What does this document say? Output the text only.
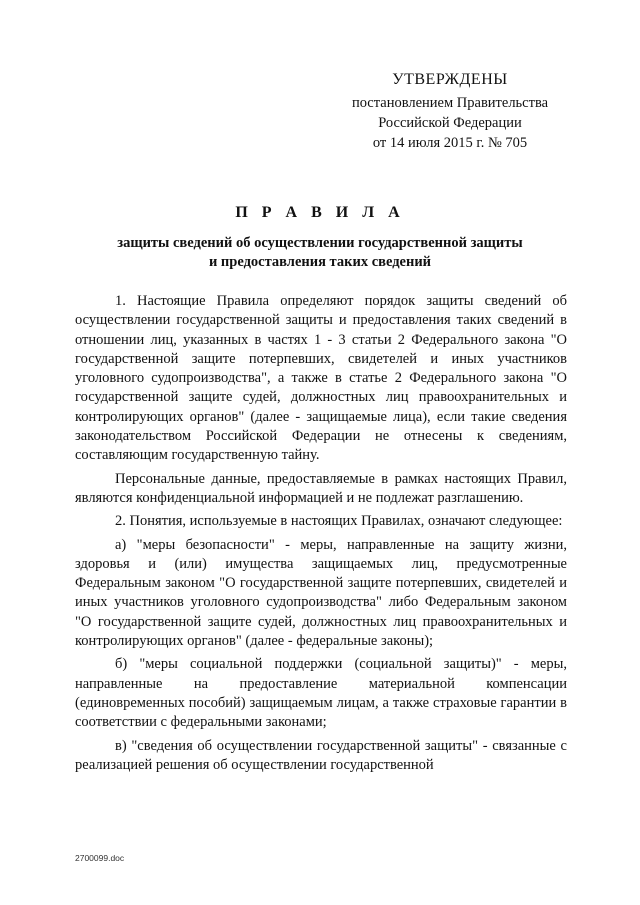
УТВЕРЖДЕНЫ
постановлением Правительства
Российской Федерации
от 14 июля 2015 г. № 705
П Р А В И Л А
защиты сведений об осуществлении государственной защиты
и предоставления таких сведений

1. Настоящие Правила определяют порядок защиты сведений об осуществлении государственной защиты и предоставления таких сведений в отношении лиц, указанных в частях 1 - 3 статьи 2 Федерального закона "О государственной защите потерпевших, свидетелей и иных участников уголовного судопроизводства", а также в статье 2 Федерального закона "О государственной защите судей, должностных лиц правоохранительных и контролирующих органов" (далее - защищаемые лица), если такие сведения законодательством Российской Федерации не отнесены к сведениям, составляющим государственную тайну.

Персональные данные, предоставляемые в рамках настоящих Правил, являются конфиденциальной информацией и не подлежат разглашению.

2. Понятия, используемые в настоящих Правилах, означают следующее:

а) "меры безопасности" - меры, направленные на защиту жизни, здоровья и (или) имущества защищаемых лиц, предусмотренные Федеральным законом "О государственной защите потерпевших, свидетелей и иных участников уголовного судопроизводства" либо Федеральным законом "О государственной защите судей, должностных лиц правоохранительных и контролирующих органов" (далее - федеральные законы);

б) "меры социальной поддержки (социальной защиты)" - меры, направленные на предоставление материальной компенсации (единовременных пособий) защищаемым лицам, а также страховые гарантии в соответствии с федеральными законами;

в) "сведения об осуществлении государственной защиты" - связанные с реализацией решения об осуществлении государственной

2700099.doc
